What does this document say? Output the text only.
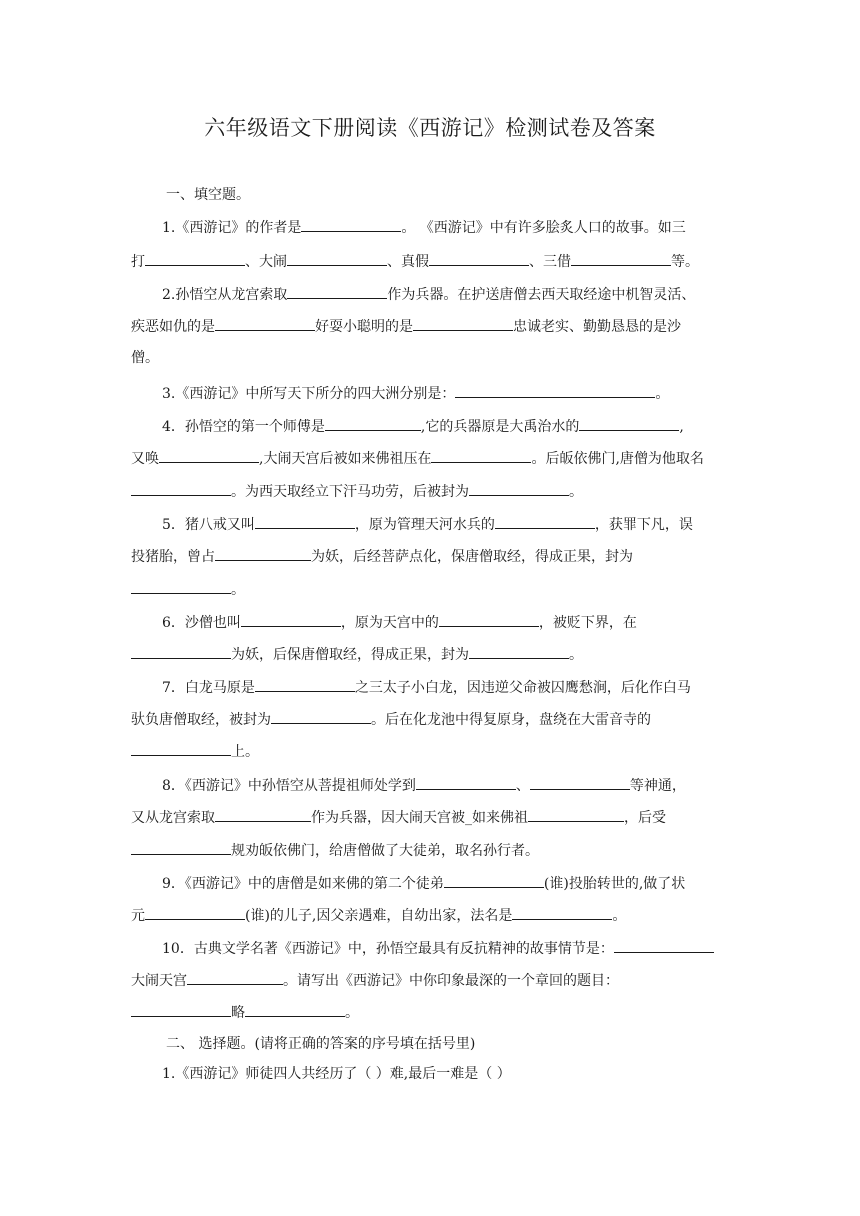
六年级语文下册阅读《西游记》检测试卷及答案
一、填空题。
1.《西游记》的作者是	。 《西游记》中有许多脍炙人口的故事。如三
打	、大闹	、真假	、三借	等。
2.孙悟空从龙宫索取	作为兵器。在护送唐僧去西天取经途中机智灵活、
疾恶如仇的是	好耍小聪明的是	忠诚老实、勤勤恳恳的是沙
僧。
3.《西游记》中所写天下所分的四大洲分别是：	。
4．孙悟空的第一个师傅是	,它的兵器原是大禹治水的	,
又唤	,大闹天宫后被如来佛祖压在	。后皈依佛门,唐僧为他取名
。为西天取经立下汗马功劳，后被封为	。
5．猪八戒又叫	，原为管理天河水兵的	，获罪下凡，误
投猪胎，曾占	为妖，后经菩萨点化，保唐僧取经，得成正果，封为
。
6．沙僧也叫	，原为天宫中的	，被贬下界，在
为妖，后保唐僧取经，得成正果，封为	。
7．白龙马原是	之三太子小白龙，因违逆父命被囚鹰愁涧，后化作白马
驮负唐僧取经，被封为	。后在化龙池中得复原身，盘绕在大雷音寺的
上。
8．《西游记》中孙悟空从菩提祖师处学到	、	等神通，
又从龙宫索取	作为兵器，因大闹天宫被_如来佛祖	，后受
规劝皈依佛门，给唐僧做了大徒弟，取名孙行者。
9．《西游记》中的唐僧是如来佛的第二个徒弟	(谁)投胎转世的,做了状
元	(谁)的儿子,因父亲遇难，自幼出家，法名是	。
10．古典文学名著《西游记》中，孙悟空最具有反抗精神的故事情节是：
大闹天宫	。请写出《西游记》中你印象最深的一个章回的题目：
略	。
二、 选择题。(请将正确的答案的序号填在括号里)
1.《西游记》师徒四人共经历了（ ）难,最后一难是（ ）
